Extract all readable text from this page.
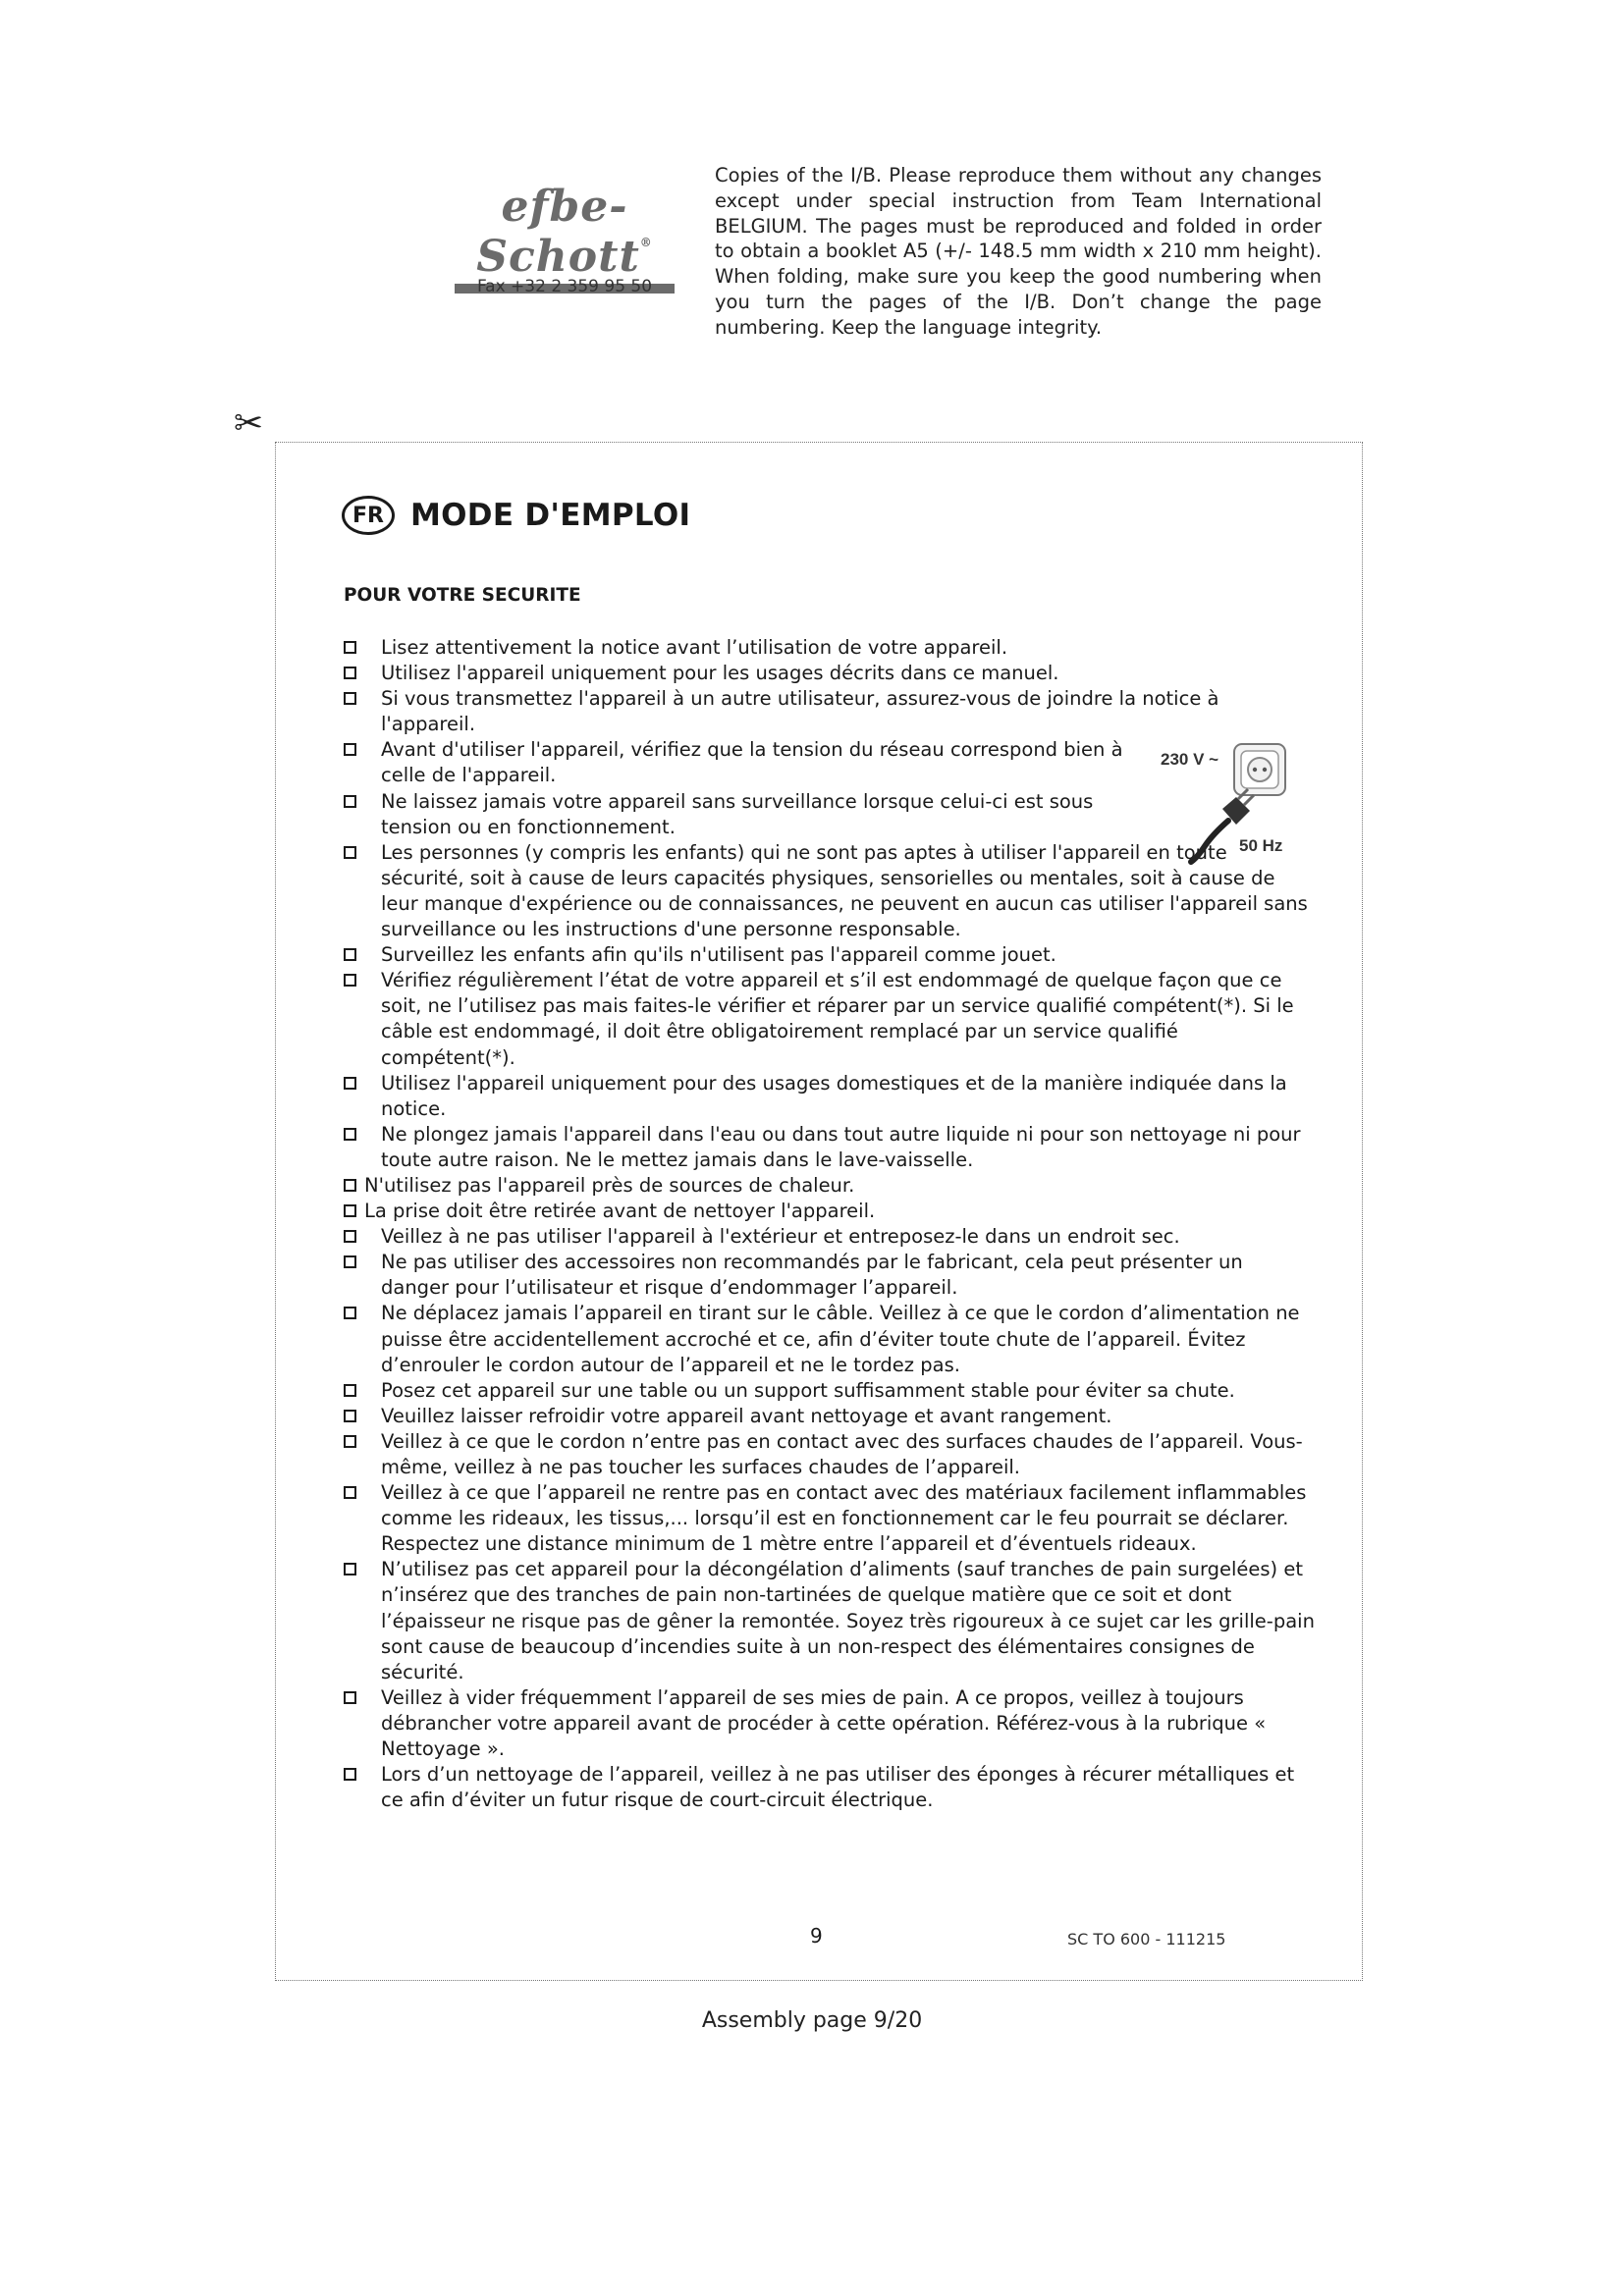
efbe-Schott®
Fax +32 2 359 95 50
Copies of the I/B. Please reproduce them without any changes except under special instruction from Team International BELGIUM. The pages must be reproduced and folded in order to obtain a booklet A5 (+/- 148.5 mm width x 210 mm height). When folding, make sure you keep the good numbering when you turn the pages of the I/B. Don’t change the page numbering. Keep the language integrity.
✂
FR MODE D'EMPLOI
POUR VOTRE SECURITE
Lisez attentivement la notice avant l’utilisation de votre appareil.
Utilisez l'appareil uniquement pour les usages décrits dans ce manuel.
Si vous transmettez l'appareil à un autre utilisateur, assurez-vous de joindre la notice à l'appareil.
Avant d'utiliser l'appareil, vérifiez que la tension du réseau correspond bien à celle de l'appareil.
Ne laissez jamais votre appareil sans surveillance lorsque celui-ci est sous tension ou en fonctionnement.
Les personnes (y compris les enfants) qui ne sont pas aptes à utiliser l'appareil en toute sécurité, soit à cause de leurs capacités physiques, sensorielles ou mentales, soit à cause de leur manque d'expérience ou de connaissances, ne peuvent en aucun cas utiliser l'appareil sans surveillance ou les instructions d'une personne responsable.
Surveillez les enfants afin qu'ils n'utilisent pas l'appareil comme jouet.
Vérifiez régulièrement l’état de votre appareil et s’il est endommagé de quelque façon que ce soit, ne l’utilisez pas mais faites-le vérifier et réparer par un service qualifié compétent(*). Si le câble est endommagé, il doit être obligatoirement remplacé par un service qualifié compétent(*).
Utilisez l'appareil uniquement pour des usages domestiques et de la manière indiquée dans la notice.
Ne plongez jamais l'appareil dans l'eau ou dans tout autre liquide ni pour son nettoyage ni pour toute autre raison. Ne le mettez jamais dans le lave-vaisselle.
N'utilisez pas l'appareil près de sources de chaleur.
La prise doit être retirée avant de nettoyer l'appareil.
Veillez à ne pas utiliser l'appareil à l'extérieur et entreposez-le dans un endroit sec.
Ne pas utiliser des accessoires non recommandés par le fabricant, cela peut présenter un danger pour l’utilisateur et risque d’endommager l’appareil.
Ne déplacez jamais l’appareil en tirant sur le câble. Veillez à ce que le cordon d’alimentation ne puisse être accidentellement accroché et ce, afin d’éviter toute chute de l’appareil. Évitez d’enrouler le cordon autour de l’appareil et ne le tordez pas.
Posez cet appareil sur une table ou un support suffisamment stable pour éviter sa chute.
Veuillez laisser refroidir votre appareil avant nettoyage et avant rangement.
Veillez à ce que le cordon n’entre pas en contact avec des surfaces chaudes de l’appareil. Vous-même, veillez à ne pas toucher les surfaces chaudes de l’appareil.
Veillez à ce que l’appareil ne rentre pas en contact avec des matériaux facilement inflammables comme les rideaux, les tissus,... lorsqu’il est en fonctionnement car le feu pourrait se déclarer. Respectez une distance minimum de 1 mètre entre l’appareil et d’éventuels rideaux.
N’utilisez pas cet appareil pour la décongélation d’aliments (sauf tranches de pain surgelées) et n’insérez que des tranches de pain non-tartinées de quelque matière que ce soit et dont l’épaisseur ne risque pas de gêner la remontée. Soyez très rigoureux à ce sujet car les grille-pain sont cause de beaucoup d’incendies suite à un non-respect des élémentaires consignes de sécurité.
Veillez à vider fréquemment l’appareil de ses mies de pain. A ce propos, veillez à toujours débrancher votre appareil avant de procéder à cette opération. Référez-vous à la rubrique « Nettoyage ».
Lors d’un nettoyage de l’appareil, veillez à ne pas utiliser des éponges à récurer métalliques et ce afin d’éviter un futur risque de court-circuit électrique.
230 V ~
50 Hz
9	SC TO 600 - 111215
Assembly page 9/20
